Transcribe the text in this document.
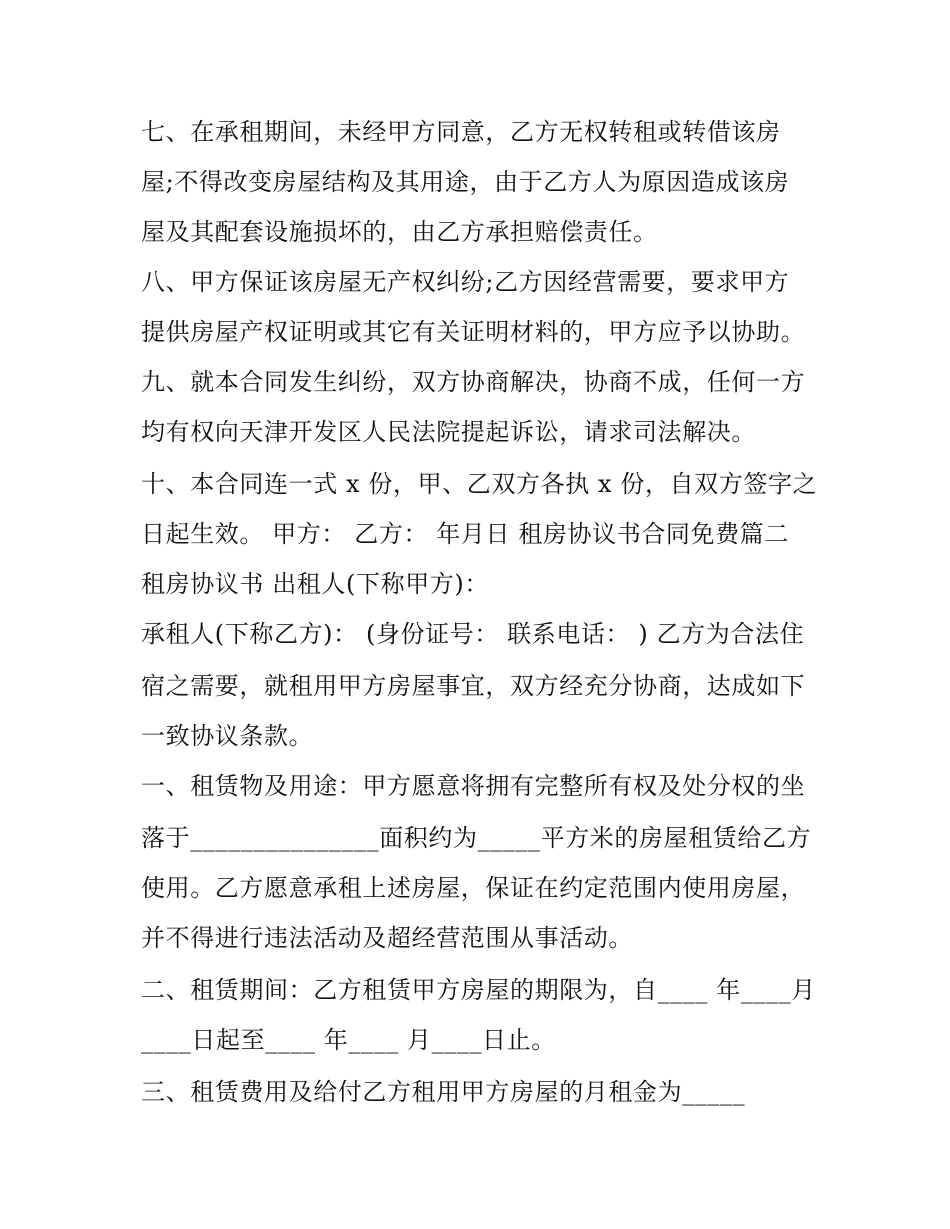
七、在承租期间，未经甲方同意，乙方无权转租或转借该房
屋;不得改变房屋结构及其用途，由于乙方人为原因造成该房
屋及其配套设施损坏的，由乙方承担赔偿责任。
八、甲方保证该房屋无产权纠纷;乙方因经营需要，要求甲方
提供房屋产权证明或其它有关证明材料的，甲方应予以协助。
九、就本合同发生纠纷，双方协商解决，协商不成，任何一方
均有权向天津开发区人民法院提起诉讼，请求司法解决。
十、本合同连一式 x 份，甲、乙双方各执 x 份，自双方签字之
日起生效。 甲方： 乙方： 年月日 租房协议书合同免费篇二
租房协议书 出租人(下称甲方)：
承租人(下称乙方)： (身份证号： 联系电话： ) 乙方为合法住
宿之需要，就租用甲方房屋事宜，双方经充分协商，达成如下
一致协议条款。
一、租赁物及用途：甲方愿意将拥有完整所有权及处分权的坐
落于_______________面积约为_____平方米的房屋租赁给乙方
使用。乙方愿意承租上述房屋，保证在约定范围内使用房屋，
并不得进行违法活动及超经营范围从事活动。
二、租赁期间：乙方租赁甲方房屋的期限为，自____ 年____月
____日起至____ 年____ 月____日止。
三、租赁费用及给付乙方租用甲方房屋的月租金为_____
